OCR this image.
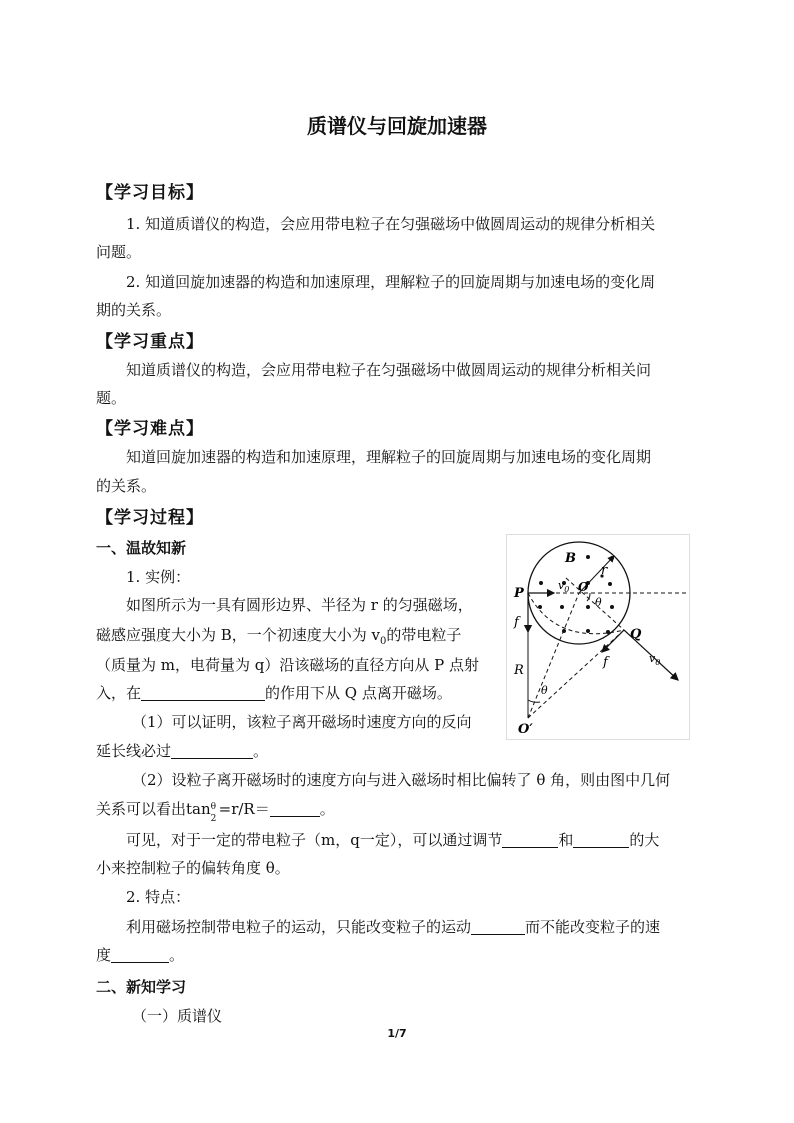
质谱仪与回旋加速器
【学习目标】
1. 知道质谱仪的构造，会应用带电粒子在匀强磁场中做圆周运动的规律分析相关
问题。
2. 知道回旋加速器的构造和加速原理，理解粒子的回旋周期与加速电场的变化周
期的关系。
【学习重点】
知道质谱仪的构造，会应用带电粒子在匀强磁场中做圆周运动的规律分析相关问
题。
【学习难点】
知道回旋加速器的构造和加速原理，理解粒子的回旋周期与加速电场的变化周期
的关系。
【学习过程】
一、温故知新
1. 实例：
如图所示为一具有圆形边界、半径为 r 的匀强磁场，
磁感应强度大小为 B，一个初速度大小为 $v_0$的带电粒子
（质量为 m，电荷量为 q）沿该磁场的直径方向从 P 点射
入，在	的作用下从 Q 点离开磁场。
（1）可以证明，该粒子离开磁场时速度方向的反向
延长线必过	。
（2）设粒子离开磁场时的速度方向与进入磁场时相比偏转了 θ 角，则由图中几何
关系可以看出tan θ
2
=r/R＝	。
可见，对于一定的带电粒子（m，q一定），可以通过调节	和	的大
小来控制粒子的偏转角度 θ。
2. 特点：
利用磁场控制带电粒子的运动，只能改变粒子的运动	而不能改变粒子的速
度	。
二、新知学习
（一）质谱仪
B
r
P
$v_0$ O
θ
f
Q
f	$v_0$
R
θ
O′
1/7
